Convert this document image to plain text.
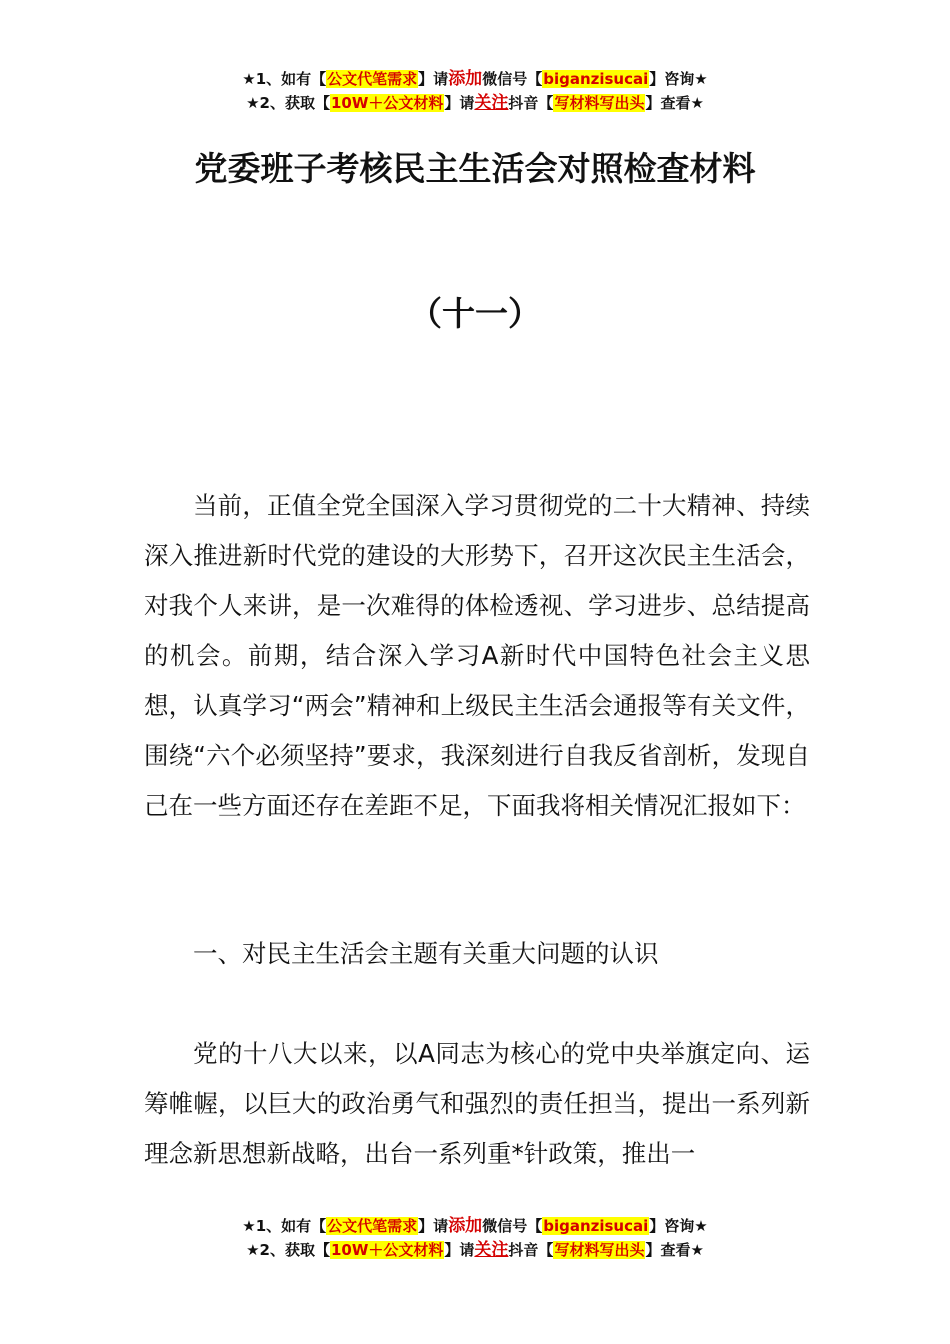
★1、如有【公文代笔需求】请添加微信号【biganzisucai】咨询★
★2、获取【10W＋公文材料】请关注抖音【写材料写出头】查看★
党委班子考核民主生活会对照检查材料
（十一）

当前，正值全党全国深入学习贯彻党的二十大精神、持续深入推进新时代党的建设的大形势下，召开这次民主生活会，对我个人来讲，是一次难得的体检透视、学习进步、总结提高的机会。前期，结合深入学习A新时代中国特色社会主义思想，认真学习“两会”精神和上级民主生活会通报等有关文件，围绕“六个必须坚持”要求，我深刻进行自我反省剖析，发现自己在一些方面还存在差距不足，下面我将相关情况汇报如下：

一、对民主生活会主题有关重大问题的认识

党的十八大以来，以A同志为核心的党中央举旗定向、运筹帷幄，以巨大的政治勇气和强烈的责任担当，提出一系列新理念新思想新战略，出台一系列重*针政策，推出一

★1、如有【公文代笔需求】请添加微信号【biganzisucai】咨询★
★2、获取【10W＋公文材料】请关注抖音【写材料写出头】查看★
